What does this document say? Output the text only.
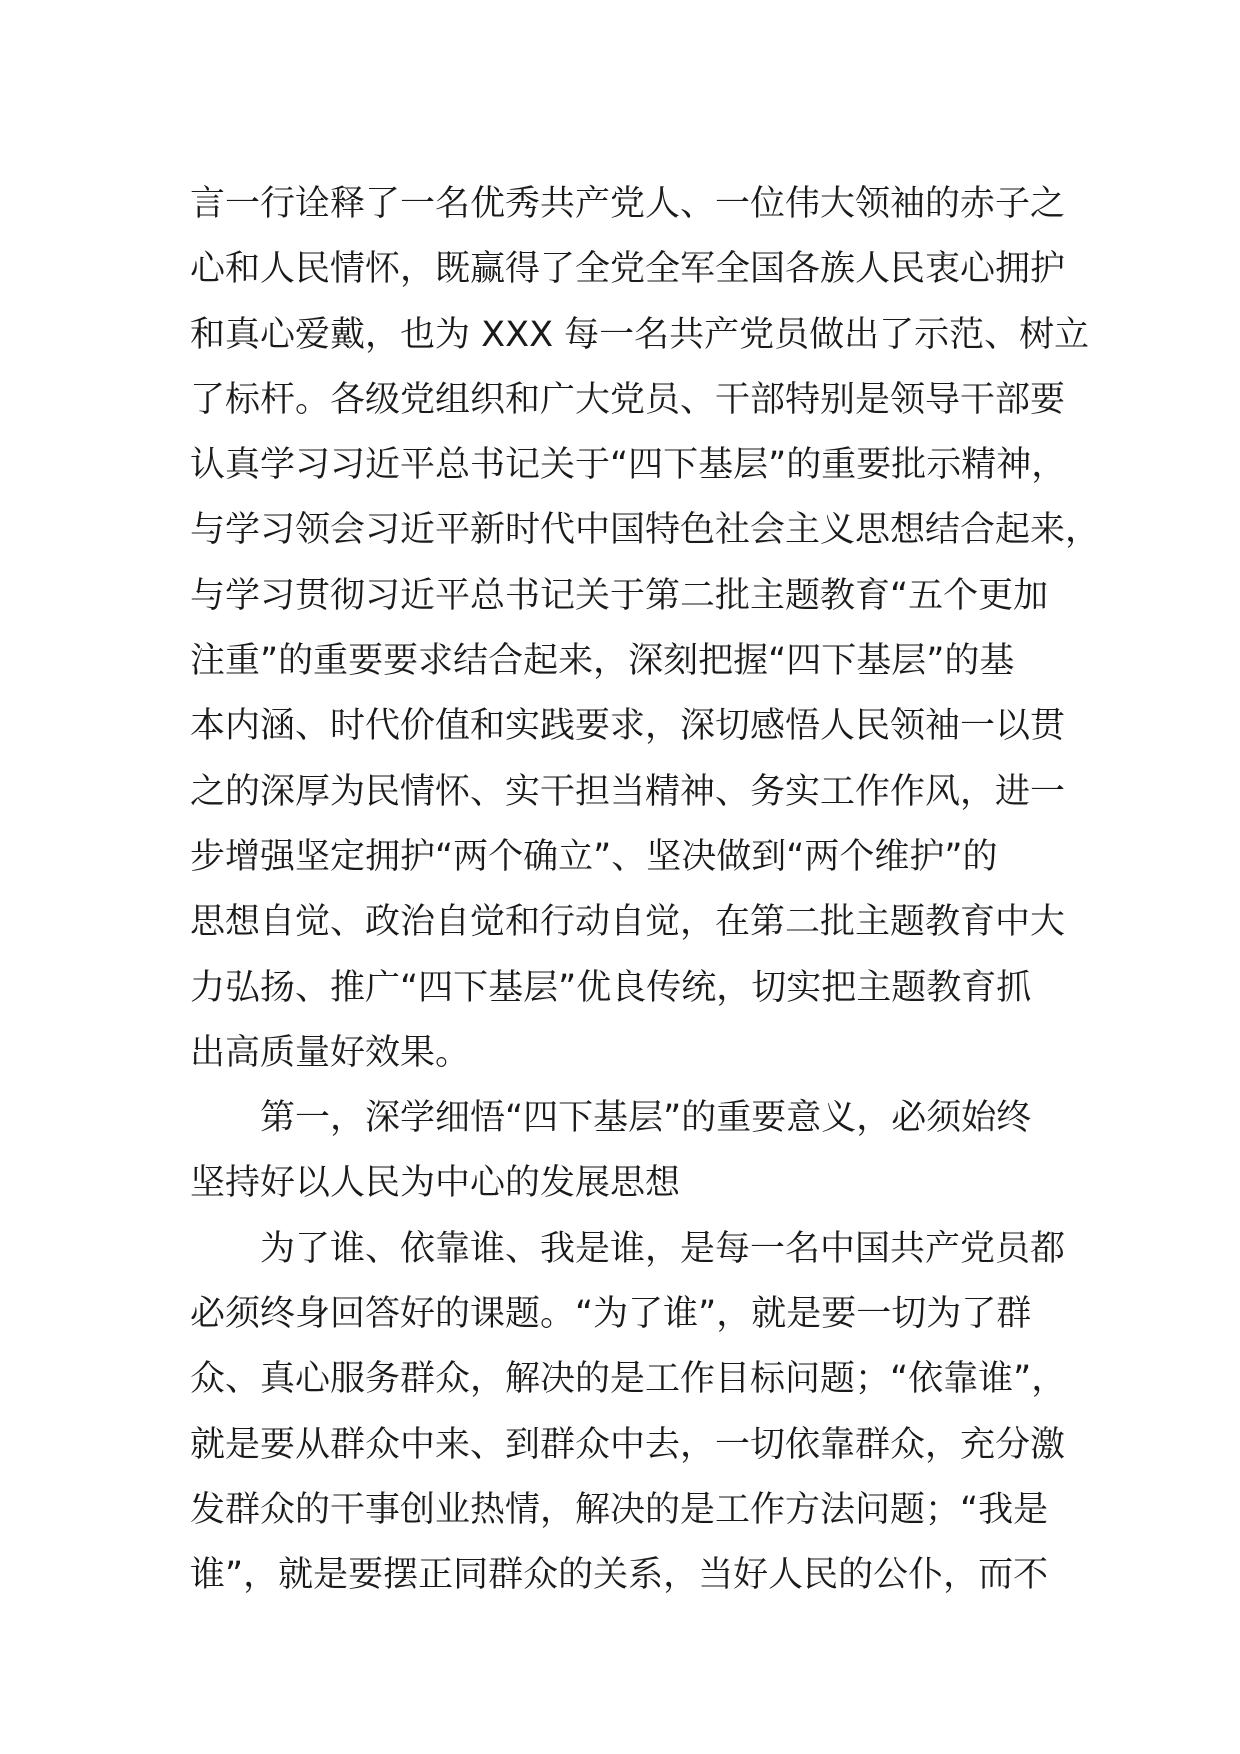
言一行诠释了一名优秀共产党人、一位伟大领袖的赤子之
心和人民情怀，既赢得了全党全军全国各族人民衷心拥护
和真心爱戴，也为 XXX 每一名共产党员做出了示范、树立
了标杆。各级党组织和广大党员、干部特别是领导干部要
认真学习习近平总书记关于“四下基层”的重要批示精神，
与学习领会习近平新时代中国特色社会主义思想结合起来，
与学习贯彻习近平总书记关于第二批主题教育“五个更加
注重”的重要要求结合起来，深刻把握“四下基层”的基
本内涵、时代价值和实践要求，深切感悟人民领袖一以贯
之的深厚为民情怀、实干担当精神、务实工作作风，进一
步增强坚定拥护“两个确立”、坚决做到“两个维护”的
思想自觉、政治自觉和行动自觉，在第二批主题教育中大
力弘扬、推广“四下基层”优良传统，切实把主题教育抓
出高质量好效果。
第一，深学细悟“四下基层”的重要意义，必须始终
坚持好以人民为中心的发展思想
为了谁、依靠谁、我是谁，是每一名中国共产党员都
必须终身回答好的课题。“为了谁”，就是要一切为了群
众、真心服务群众，解决的是工作目标问题；“依靠谁”，
就是要从群众中来、到群众中去，一切依靠群众，充分激
发群众的干事创业热情，解决的是工作方法问题；“我是
谁”，就是要摆正同群众的关系，当好人民的公仆，而不
